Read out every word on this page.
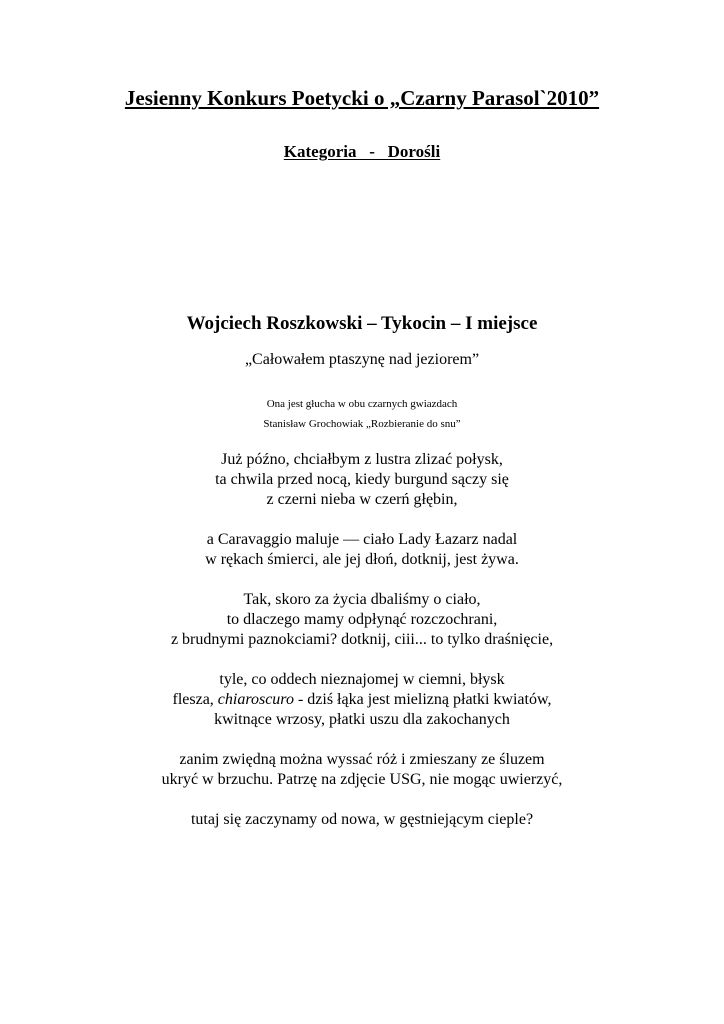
Jesienny Konkurs Poetycki o „Czarny Parasol`2010”
Kategoria   -   Dorośli
Wojciech Roszkowski – Tykocin – I miejsce
„Całowałem ptaszynę nad jeziorem”
Ona jest głucha w obu czarnych gwiazdach
Stanisław Grochowiak „Rozbieranie do snu”
Już późno, chciałbym z lustra zlizać połysk,
ta chwila przed nocą, kiedy burgund sączy się
z czerni nieba w czerń głębin,
a Caravaggio maluje — ciało Lady Łazarz nadal
w rękach śmierci, ale jej dłoń, dotknij, jest żywa.
Tak, skoro za życia dbaliśmy o ciało,
to dlaczego mamy odpłynąć rozczochrani,
z brudnymi paznokciami? dotknij, ciii... to tylko draśnięcie,
tyle, co oddech nieznajomej w ciemni, błysk
flesza, chiaroscuro - dziś łąka jest mielizną płatki kwiatów,
kwitnące wrzosy, płatki uszu dla zakochanych
zanim zwiędną można wyssać róż i zmieszany ze śluzem
ukryć w brzuchu. Patrzę na zdjęcie USG, nie mogąc uwierzyć,
tutaj się zaczynamy od nowa, w gęstniejącym cieple?
